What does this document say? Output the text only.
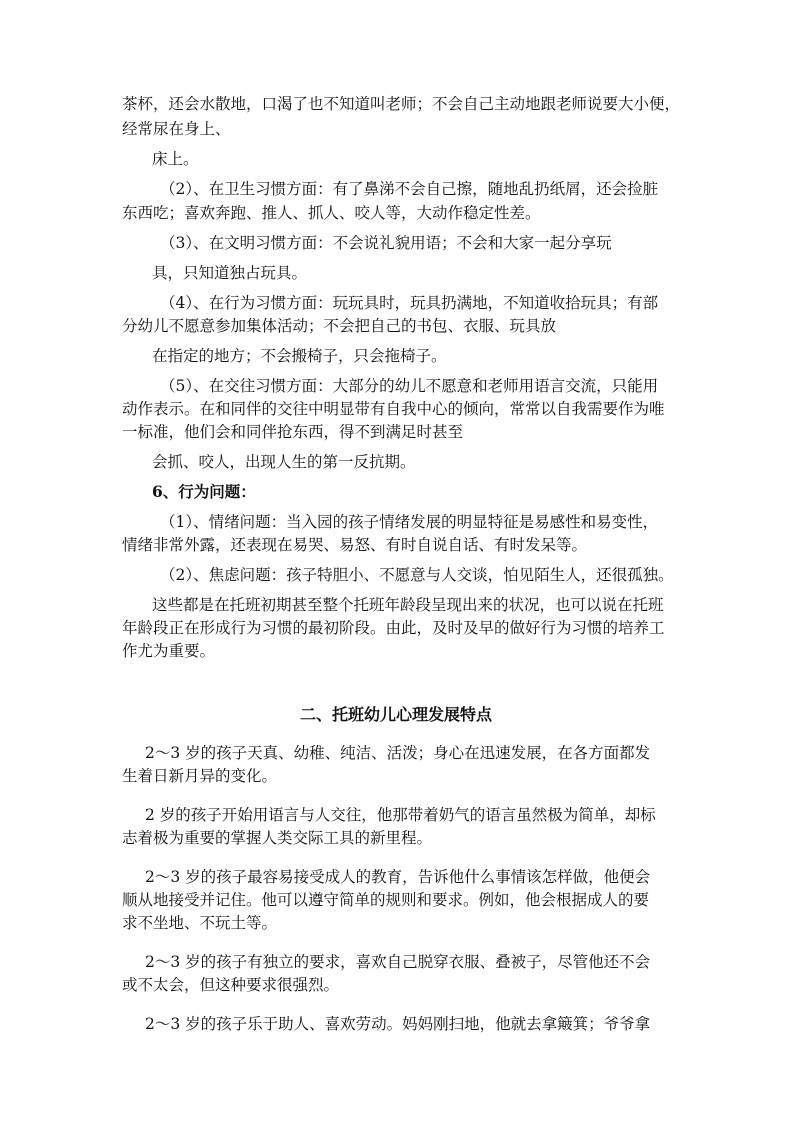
茶杯，还会水散地，口渴了也不知道叫老师；不会自己主动地跟老师说要大小便，
经常尿在身上、
床上。
（2）、在卫生习惯方面：有了鼻涕不会自己擦，随地乱扔纸屑，还会捡脏
东西吃；喜欢奔跑、推人、抓人、咬人等，大动作稳定性差。
（3）、在文明习惯方面：不会说礼貌用语；不会和大家一起分享玩
具，只知道独占玩具。
（4）、在行为习惯方面：玩玩具时，玩具扔满地，不知道收拾玩具；有部
分幼儿不愿意参加集体活动；不会把自己的书包、衣服、玩具放
在指定的地方；不会搬椅子，只会拖椅子。
（5）、在交往习惯方面：大部分的幼儿不愿意和老师用语言交流，只能用
动作表示。在和同伴的交往中明显带有自我中心的倾向，常常以自我需要作为唯
一标准，他们会和同伴抢东西，得不到满足时甚至
会抓、咬人，出现人生的第一反抗期。
6、行为问题：
（1）、情绪问题：当入园的孩子情绪发展的明显特征是易感性和易变性，
情绪非常外露，还表现在易哭、易怒、有时自说自话、有时发呆等。
（2）、焦虑问题：孩子特胆小、不愿意与人交谈，怕见陌生人，还很孤独。
这些都是在托班初期甚至整个托班年龄段呈现出来的状况，也可以说在托班
年龄段正在形成行为习惯的最初阶段。由此，及时及早的做好行为习惯的培养工
作尤为重要。
二、托班幼儿心理发展特点
2～3 岁的孩子天真、幼稚、纯洁、活泼；身心在迅速发展，在各方面都发
生着日新月异的变化。
2 岁的孩子开始用语言与人交往，他那带着奶气的语言虽然极为简单，却标
志着极为重要的掌握人类交际工具的新里程。
2～3 岁的孩子最容易接受成人的教育，告诉他什么事情该怎样做，他便会
顺从地接受并记住。他可以遵守简单的规则和要求。例如，他会根据成人的要
求不坐地、不玩土等。
2～3 岁的孩子有独立的要求，喜欢自己脱穿衣服、叠被子，尽管他还不会
或不太会，但这种要求很强烈。
2～3 岁的孩子乐于助人、喜欢劳动。妈妈刚扫地，他就去拿簸箕；爷爷拿
